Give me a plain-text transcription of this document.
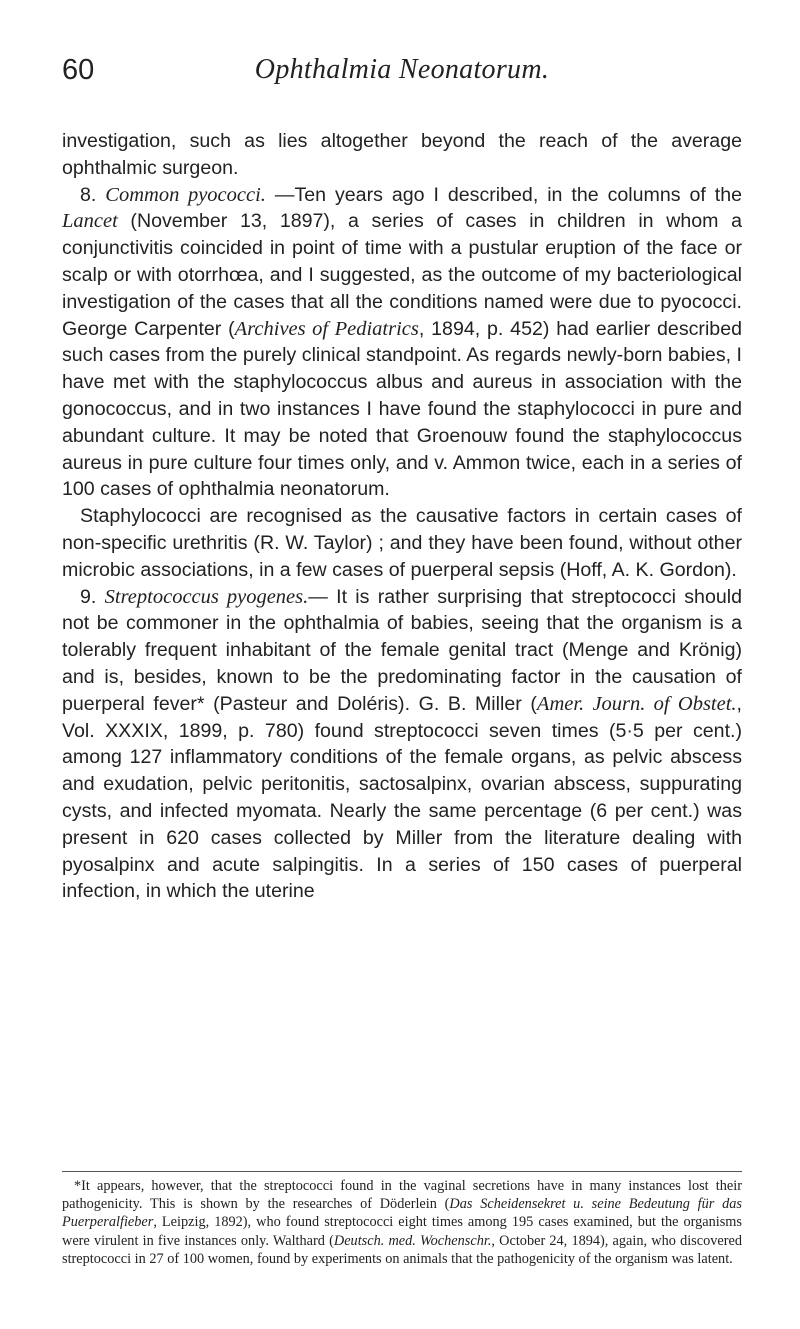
60	Ophthalmia Neonatorum.

investigation, such as lies altogether beyond the reach of the average ophthalmic surgeon.

8. Common pyococci. —Ten years ago I described, in the columns of the Lancet (November 13, 1897), a series of cases in children in whom a conjunctivitis coincided in point of time with a pustular eruption of the face or scalp or with otorrhœa, and I suggested, as the outcome of my bacteriological investigation of the cases that all the conditions named were due to pyococci. George Carpenter (Archives of Pediatrics, 1894, p. 452) had earlier described such cases from the purely clinical standpoint. As regards newly-born babies, I have met with the staphylococcus albus and aureus in association with the gonococcus, and in two instances I have found the staphylococci in pure and abundant culture. It may be noted that Groenouw found the staphylococcus aureus in pure culture four times only, and v. Ammon twice, each in a series of 100 cases of ophthalmia neonatorum.

Staphylococci are recognised as the causative factors in certain cases of non-specific urethritis (R. W. Taylor) ; and they have been found, without other microbic associations, in a few cases of puerperal sepsis (Hoff, A. K. Gordon).

9. Streptococcus pyogenes.— It is rather surprising that streptococci should not be commoner in the ophthalmia of babies, seeing that the organism is a tolerably frequent inhabitant of the female genital tract (Menge and Krönig) and is, besides, known to be the predominating factor in the causation of puerperal fever* (Pasteur and Doléris). G. B. Miller (Amer. Journ. of Obstet., Vol. XXXIX, 1899, p. 780) found streptococci seven times (5·5 per cent.) among 127 inflammatory conditions of the female organs, as pelvic abscess and exudation, pelvic peritonitis, sactosalpinx, ovarian abscess, suppurating cysts, and infected myomata. Nearly the same percentage (6 per cent.) was present in 620 cases collected by Miller from the literature dealing with pyosalpinx and acute salpingitis. In a series of 150 cases of puerperal infection, in which the uterine

*It appears, however, that the streptococci found in the vaginal secretions have in many instances lost their pathogenicity. This is shown by the researches of Döderlein (Das Scheidensekret u. seine Bedeutung für das Puerperalfieber, Leipzig, 1892), who found streptococci eight times among 195 cases examined, but the organisms were virulent in five instances only. Walthard (Deutsch. med. Wochenschr., October 24, 1894), again, who discovered streptococci in 27 of 100 women, found by experiments on animals that the pathogenicity of the organism was latent.
